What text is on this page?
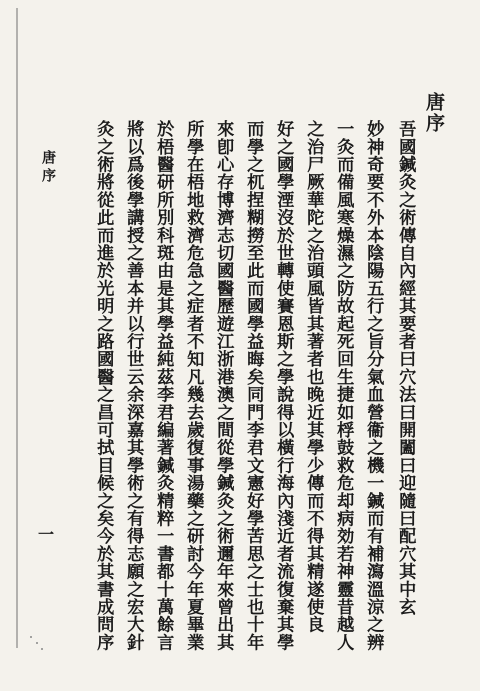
唐序
吾國鍼灸之術傳自內經其要者曰穴法曰開闔曰迎隨曰配穴其中玄
妙神奇要不外本陰陽五行之旨分氣血營衞之機一鍼而有補瀉溫涼之辨
一灸而備風寒燥濕之防故起死回生捷如桴鼓救危却病効若神靈昔越人
之治尸厥華陀之治頭風皆其著者也晚近其學少傳而不得其精遂使良
好之國學湮沒於世轉使賽恩斯之學說得以橫行海內淺近者流復棄其學
而學之杌捏糊撈至此而國學益晦矣同門李君文憲好學苦思之士也十年
來卽心存博濟志切國醫歷遊江浙港澳之間從學鍼灸之術邇年來曾出其
所學在梧地救濟危急之症者不知凡幾去歲復事湯藥之研討今年夏畢業
於梧醫研所別科斑由是其學益純茲李君編著鍼灸精粹一書都十萬餘言
將以爲後學講授之善本并以行世云余深嘉其學術之有得志願之宏大針
灸之術將從此而進於光明之路國醫之昌可拭目候之矣今於其書成問序
唐序
一
